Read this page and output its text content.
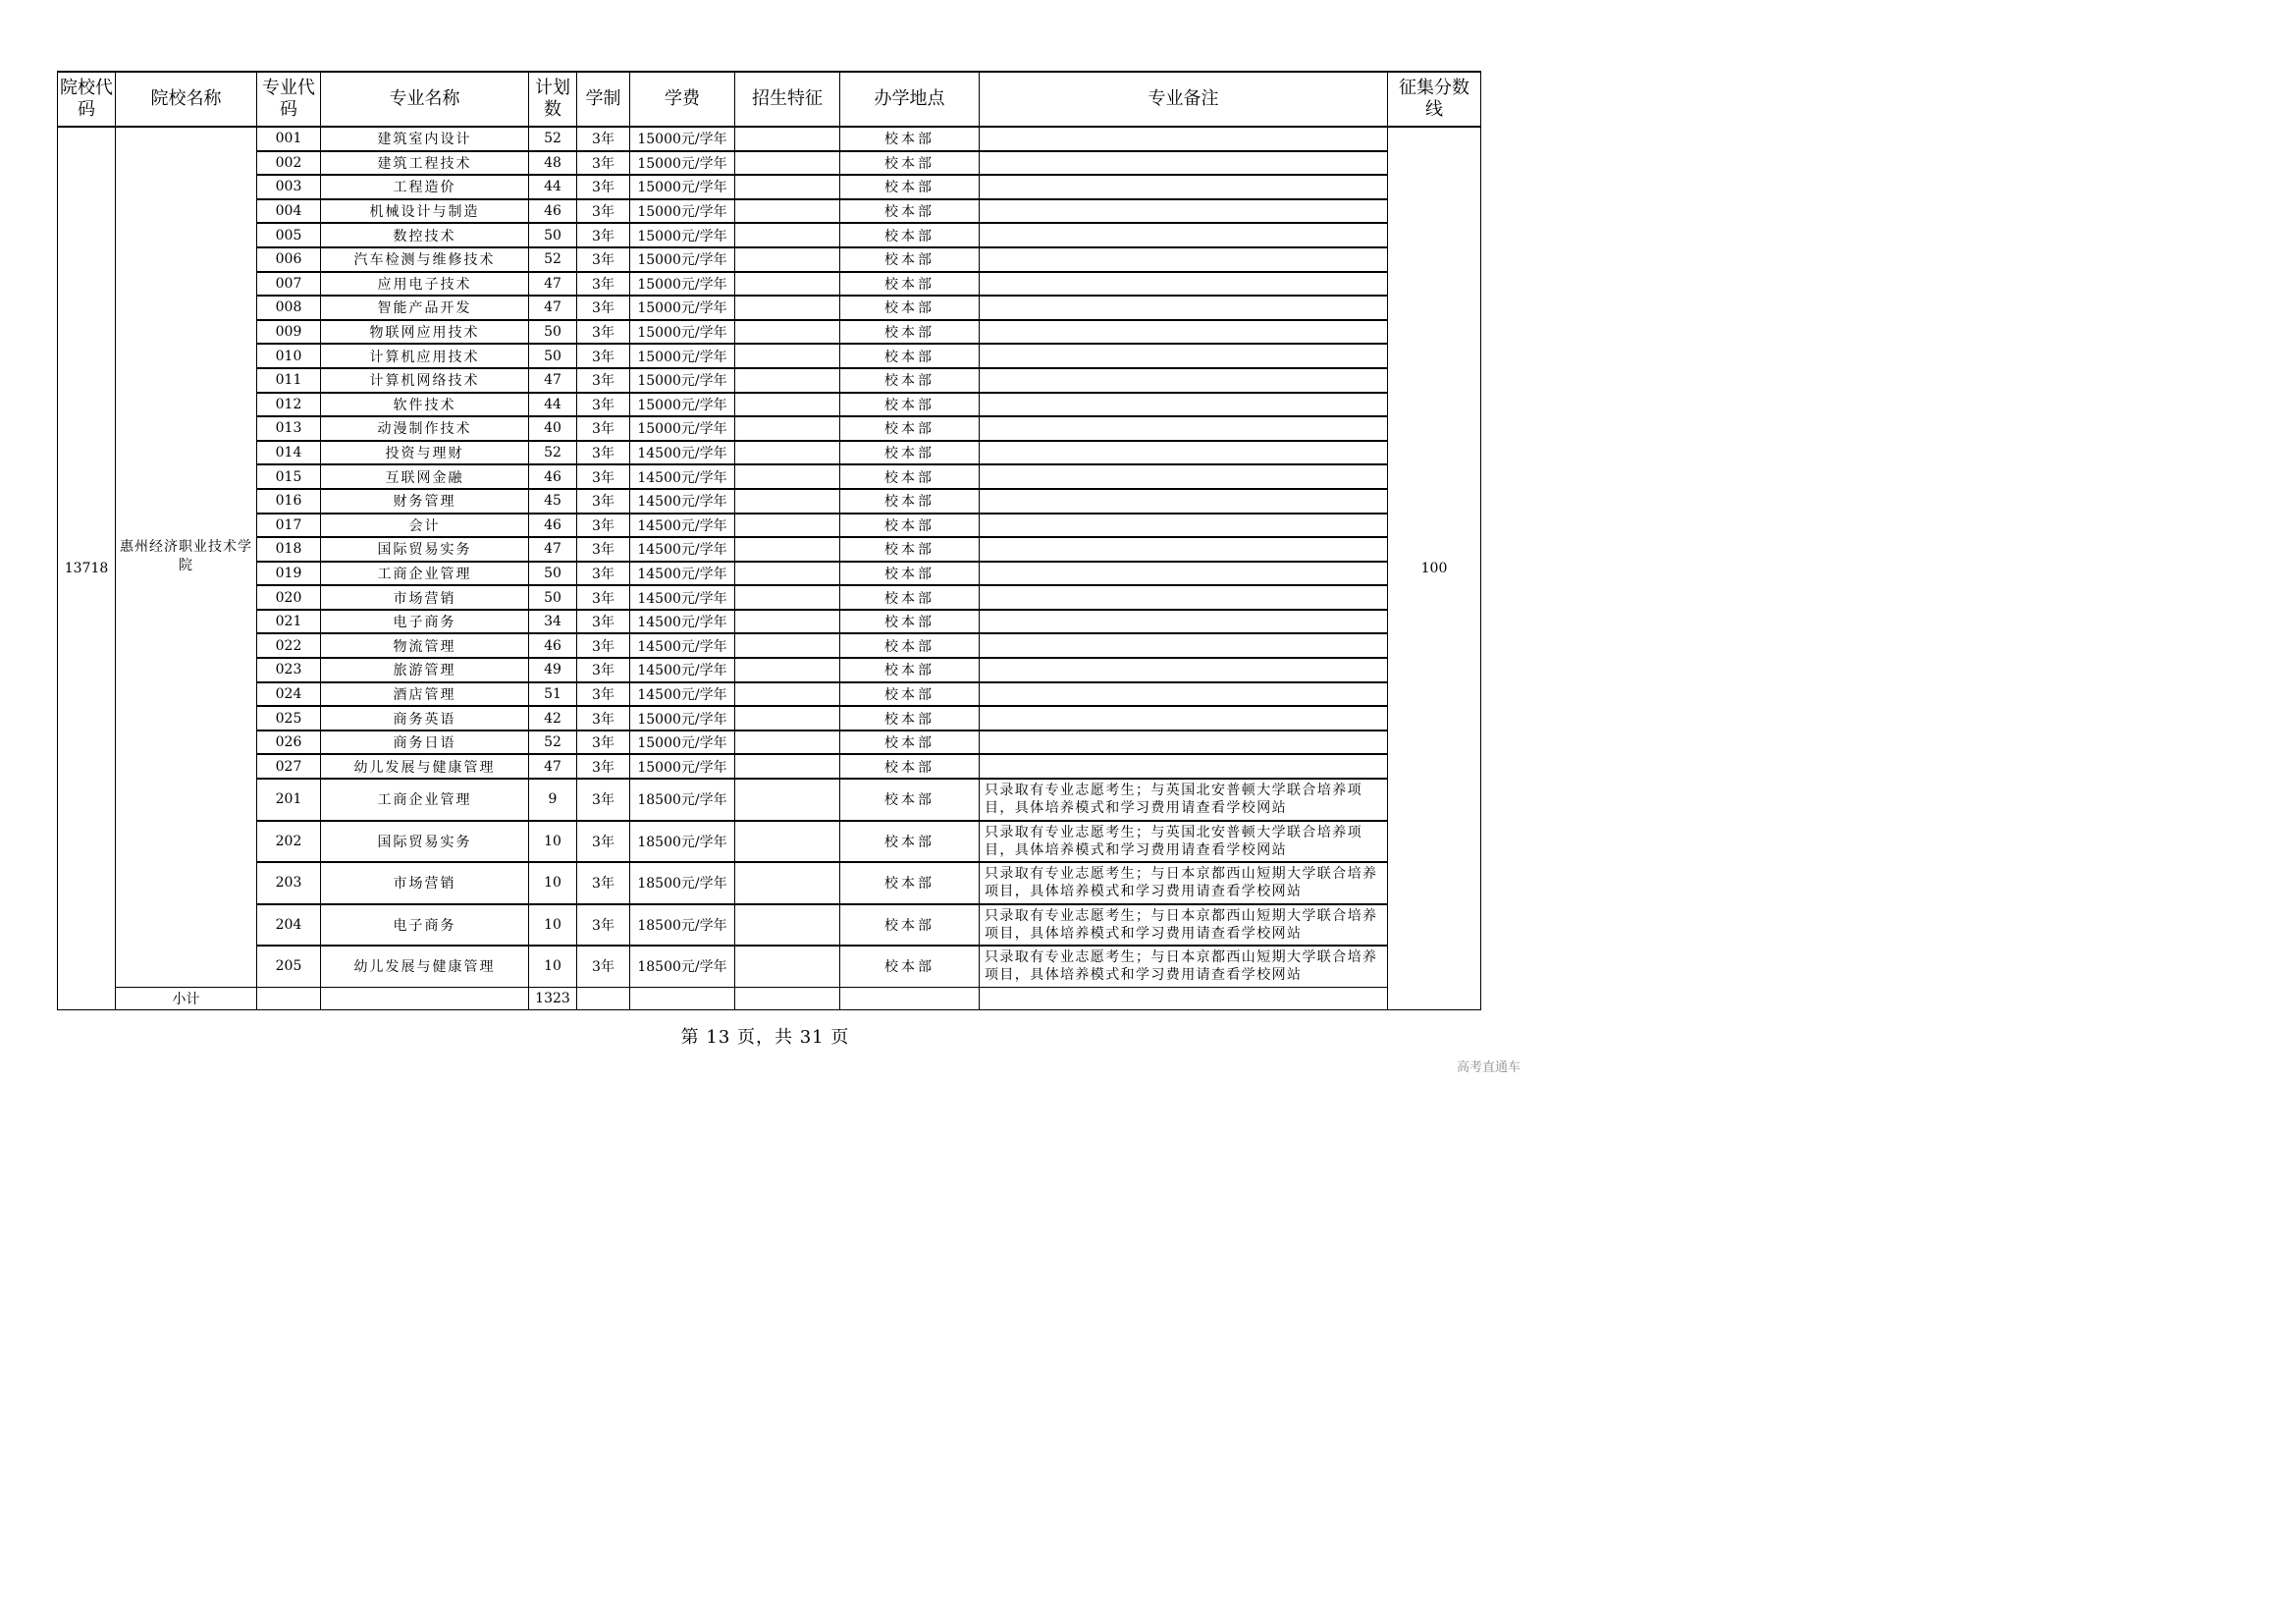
院校代码	院校名称	专业代码	专业名称	计划数	学制	学费	招生特征	办学地点	专业备注	征集分数线
13718	惠州经济职业技术学院	001	建筑室内设计	52	3年	15000元/学年		校本部		100
		002	建筑工程技术	48	3年	15000元/学年		校本部		
		003	工程造价	44	3年	15000元/学年		校本部		
		004	机械设计与制造	46	3年	15000元/学年		校本部		
		005	数控技术	50	3年	15000元/学年		校本部		
		006	汽车检测与维修技术	52	3年	15000元/学年		校本部		
		007	应用电子技术	47	3年	15000元/学年		校本部		
		008	智能产品开发	47	3年	15000元/学年		校本部		
		009	物联网应用技术	50	3年	15000元/学年		校本部		
		010	计算机应用技术	50	3年	15000元/学年		校本部		
		011	计算机网络技术	47	3年	15000元/学年		校本部		
		012	软件技术	44	3年	15000元/学年		校本部		
		013	动漫制作技术	40	3年	15000元/学年		校本部		
		014	投资与理财	52	3年	14500元/学年		校本部		
		015	互联网金融	46	3年	14500元/学年		校本部		
		016	财务管理	45	3年	14500元/学年		校本部		
		017	会计	46	3年	14500元/学年		校本部		
		018	国际贸易实务	47	3年	14500元/学年		校本部		
		019	工商企业管理	50	3年	14500元/学年		校本部		
		020	市场营销	50	3年	14500元/学年		校本部		
		021	电子商务	34	3年	14500元/学年		校本部		
		022	物流管理	46	3年	14500元/学年		校本部		
		023	旅游管理	49	3年	14500元/学年		校本部		
		024	酒店管理	51	3年	14500元/学年		校本部		
		025	商务英语	42	3年	15000元/学年		校本部		
		026	商务日语	52	3年	15000元/学年		校本部		
		027	幼儿发展与健康管理	47	3年	15000元/学年		校本部		
		201	工商企业管理	9	3年	18500元/学年		校本部	只录取有专业志愿考生；与英国北安普顿大学联合培养项目，具体培养模式和学习费用请查看学校网站	
		202	国际贸易实务	10	3年	18500元/学年		校本部	只录取有专业志愿考生；与英国北安普顿大学联合培养项目，具体培养模式和学习费用请查看学校网站	
		203	市场营销	10	3年	18500元/学年		校本部	只录取有专业志愿考生；与日本京都西山短期大学联合培养项目，具体培养模式和学习费用请查看学校网站	
		204	电子商务	10	3年	18500元/学年		校本部	只录取有专业志愿考生；与日本京都西山短期大学联合培养项目，具体培养模式和学习费用请查看学校网站	
		205	幼儿发展与健康管理	10	3年	18500元/学年		校本部	只录取有专业志愿考生；与日本京都西山短期大学联合培养项目，具体培养模式和学习费用请查看学校网站	
	小计			1323						
第 13 页，共 31 页
高考直通车
